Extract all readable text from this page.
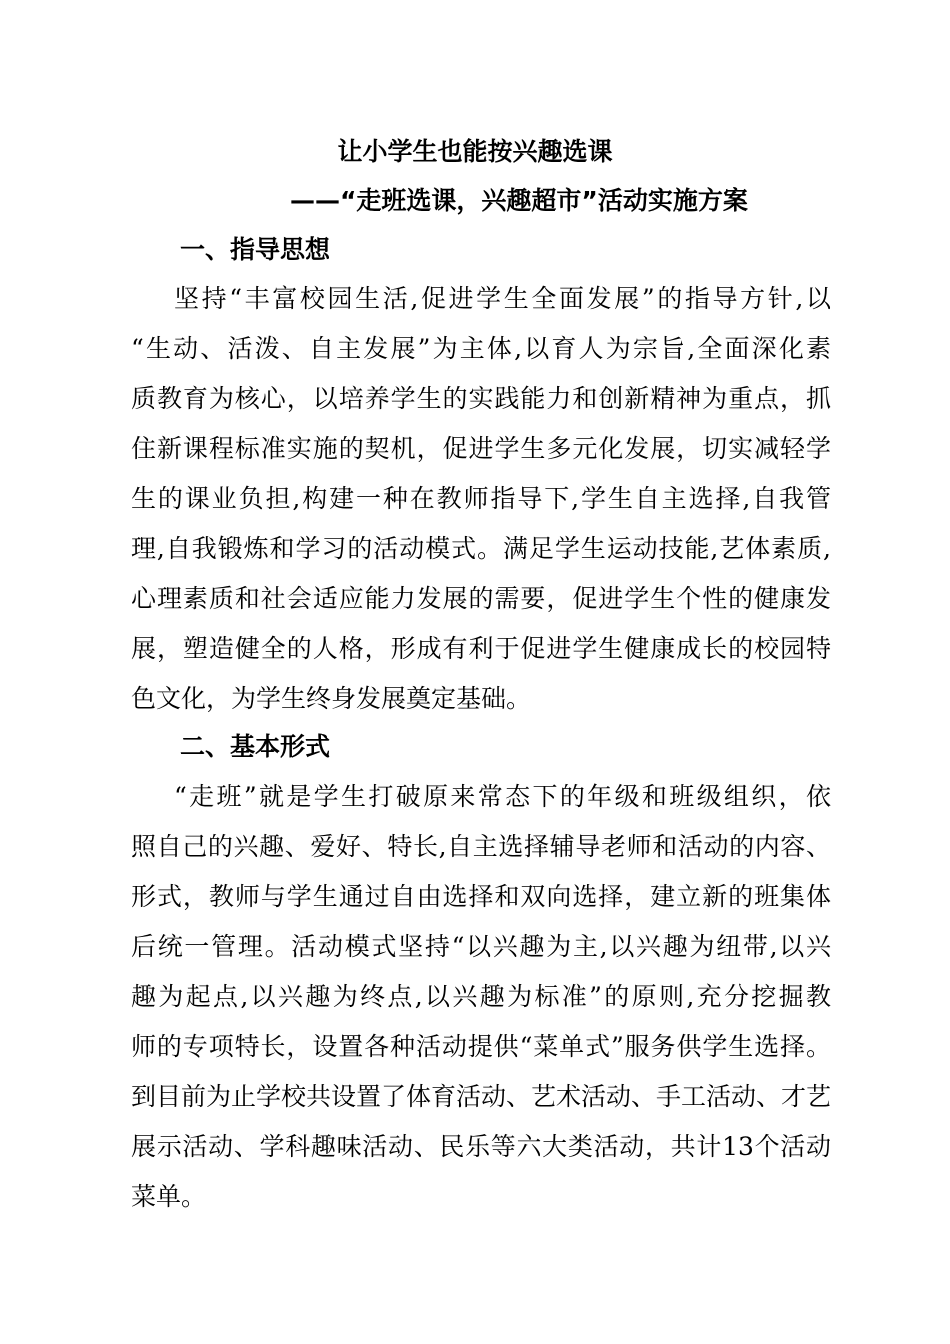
让小学生也能按兴趣选课
——“走班选课，兴趣超市”活动实施方案
一、指导思想
坚持“丰富校园生活,促进学生全面发展”的指导方针,以
“生动、活泼、自主发展”为主体,以育人为宗旨,全面深化素
质教育为核心，以培养学生的实践能力和创新精神为重点，抓
住新课程标准实施的契机，促进学生多元化发展，切实减轻学
生的课业负担,构建一种在教师指导下,学生自主选择,自我管
理,自我锻炼和学习的活动模式。满足学生运动技能,艺体素质,
心理素质和社会适应能力发展的需要，促进学生个性的健康发
展，塑造健全的人格，形成有利于促进学生健康成长的校园特
色文化，为学生终身发展奠定基础。
二、基本形式
“走班”就是学生打破原来常态下的年级和班级组织，依
照自己的兴趣、爱好、特长,自主选择辅导老师和活动的内容、
形式，教师与学生通过自由选择和双向选择，建立新的班集体
后统一管理。活动模式坚持“以兴趣为主,以兴趣为纽带,以兴
趣为起点,以兴趣为终点,以兴趣为标准”的原则,充分挖掘教
师的专项特长，设置各种活动提供“菜单式”服务供学生选择。
到目前为止学校共设置了体育活动、艺术活动、手工活动、才艺
展示活动、学科趣味活动、民乐等六大类活动，共计13个活动
菜单。
